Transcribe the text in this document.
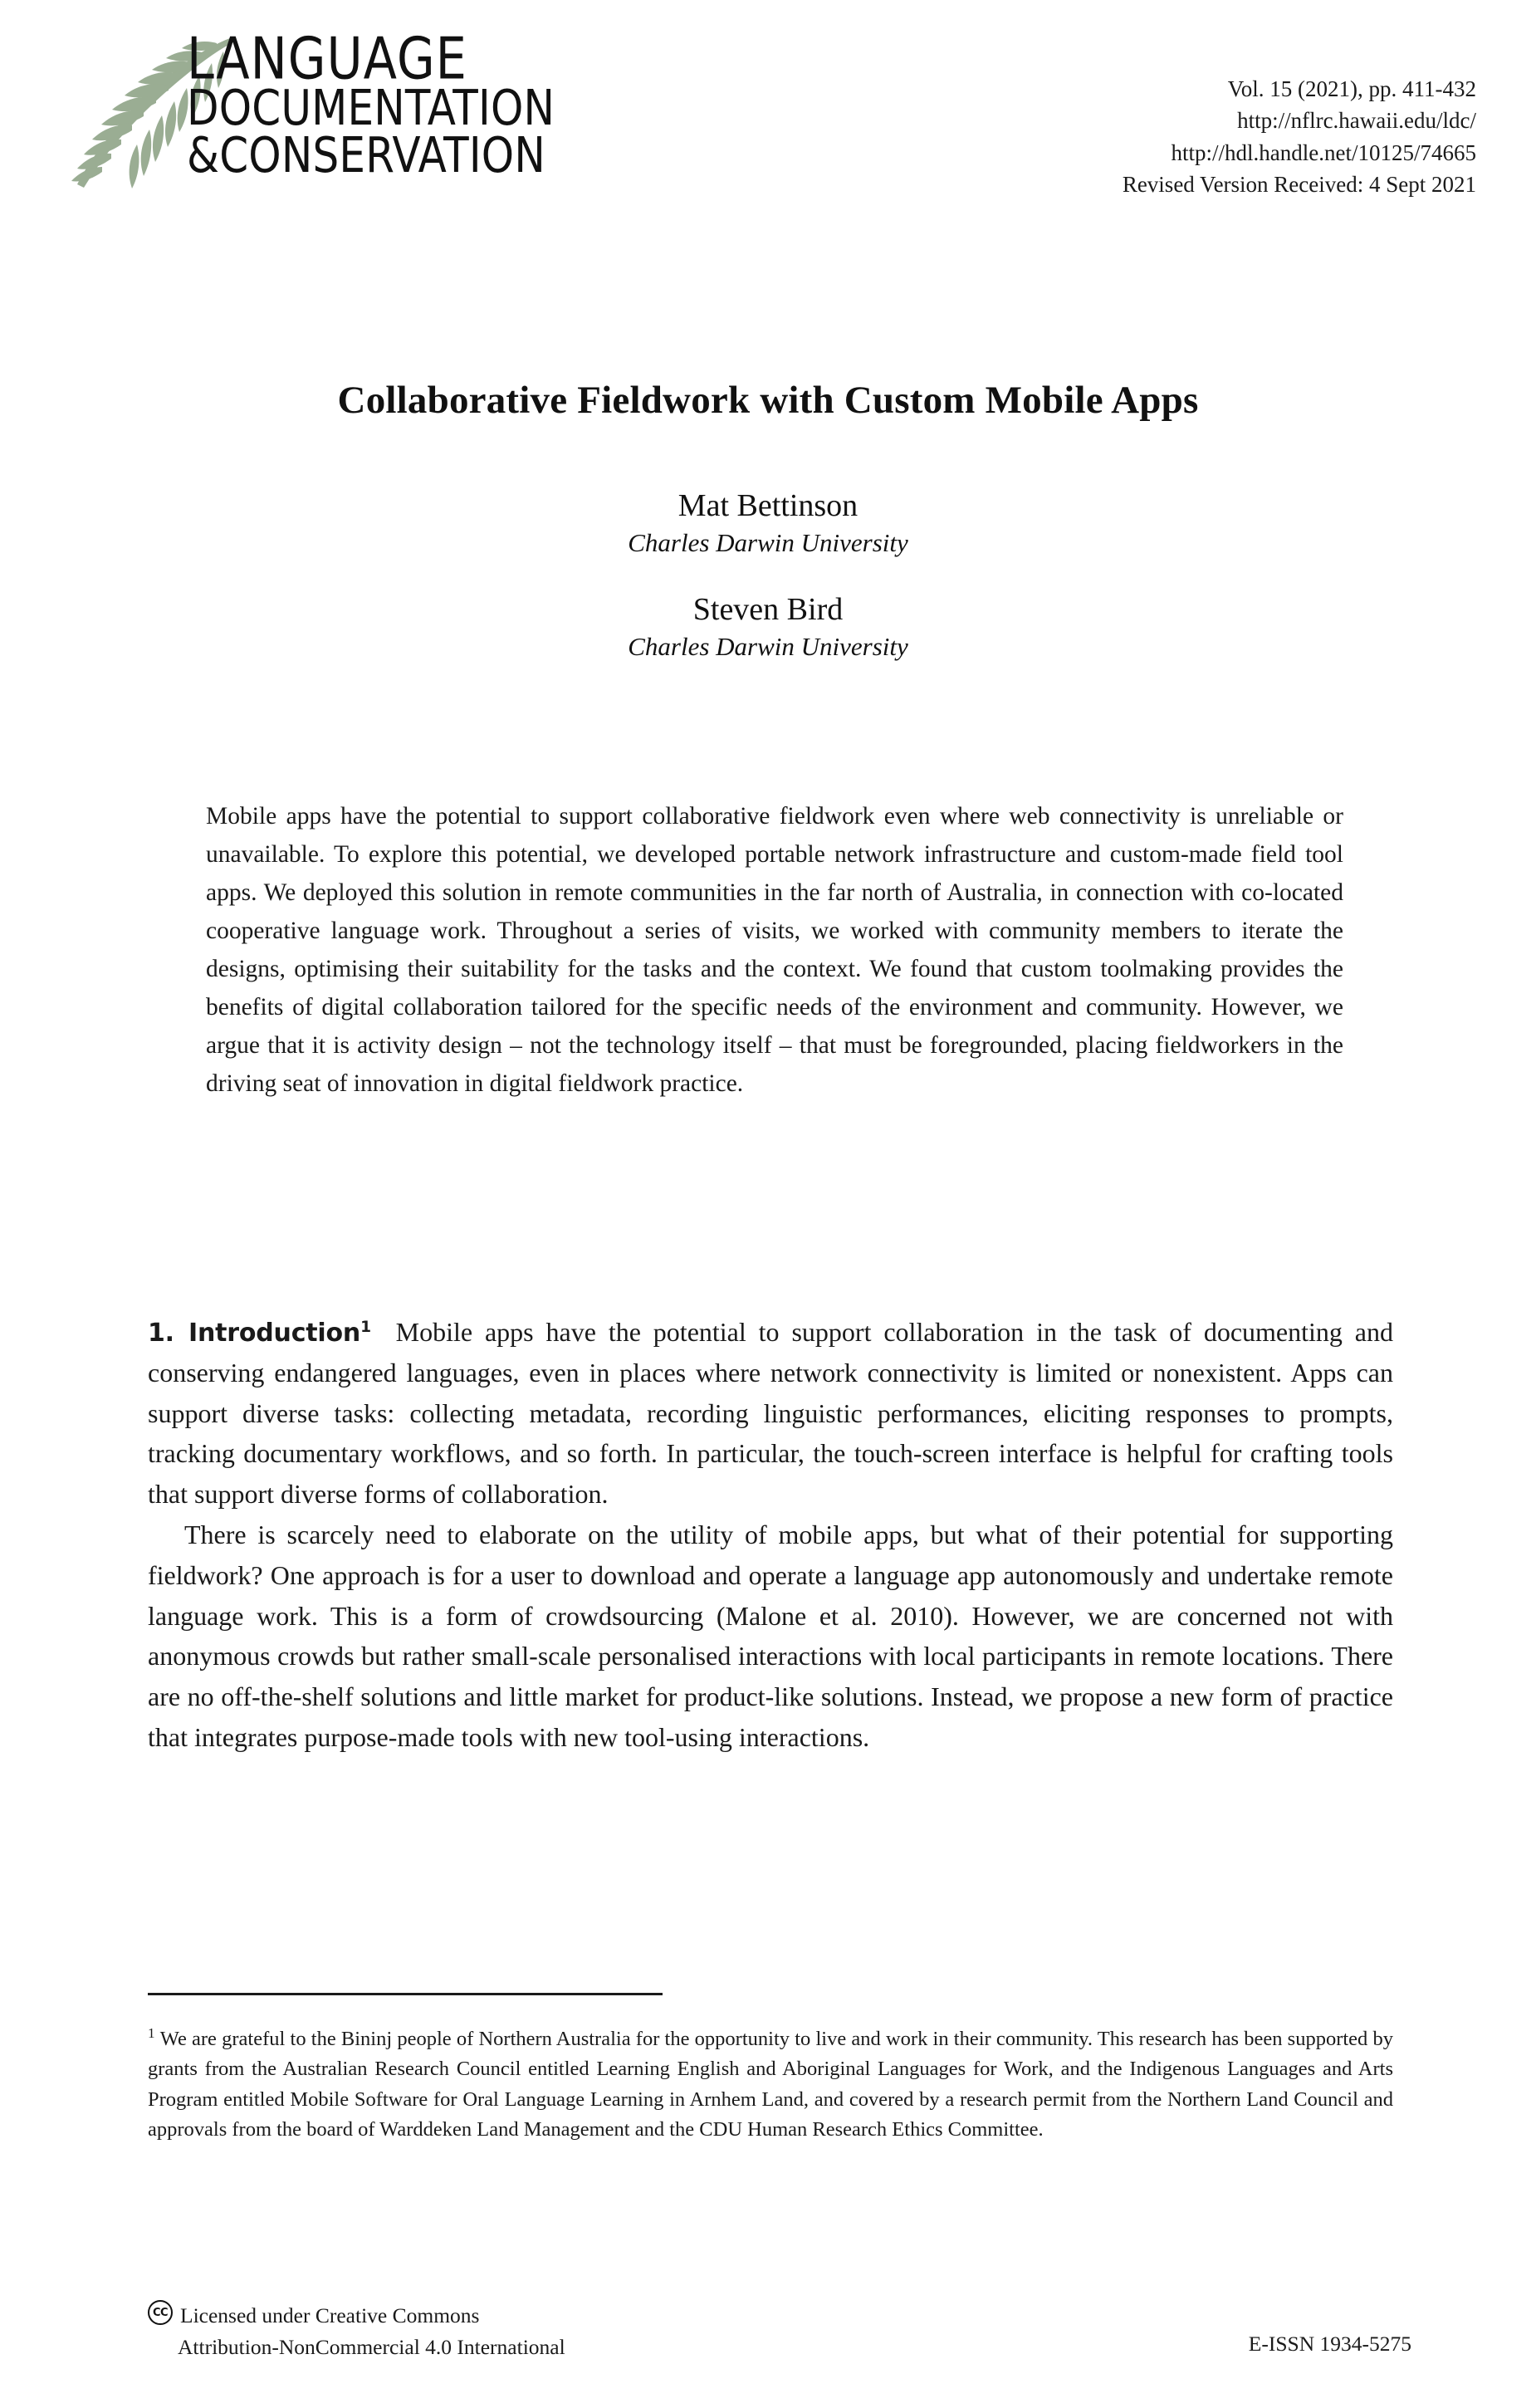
LANGUAGE
DOCUMENTATION
&CONSERVATION
Vol. 15 (2021), pp. 411-432
http://nflrc.hawaii.edu/ldc/
http://hdl.handle.net/10125/74665
Revised Version Received: 4 Sept 2021
Collaborative Fieldwork with Custom Mobile Apps
Mat Bettinson
Charles Darwin University
Steven Bird
Charles Darwin University
Mobile apps have the potential to support collaborative fieldwork even where web connectivity is unreliable or unavailable. To explore this potential, we developed portable network infrastructure and custom-made field tool apps. We deployed this solution in remote communities in the far north of Australia, in connection with co-located cooperative language work. Throughout a series of visits, we worked with community members to iterate the designs, optimising their suitability for the tasks and the context. We found that custom toolmaking provides the benefits of digital collaboration tailored for the specific needs of the environment and community. However, we argue that it is activity design – not the technology itself – that must be foregrounded, placing fieldworkers in the driving seat of innovation in digital fieldwork practice.

1. Introduction$^1$ Mobile apps have the potential to support collaboration in the task of documenting and conserving endangered languages, even in places where network connectivity is limited or nonexistent. Apps can support diverse tasks: collecting metadata, recording linguistic performances, eliciting responses to prompts, tracking documentary workflows, and so forth. In particular, the touch-screen interface is helpful for crafting tools that support diverse forms of collaboration.

There is scarcely need to elaborate on the utility of mobile apps, but what of their potential for supporting fieldwork? One approach is for a user to download and operate a language app autonomously and undertake remote language work. This is a form of crowdsourcing (Malone et al. 2010). However, we are concerned not with anonymous crowds but rather small-scale personalised interactions with local participants in remote locations. There are no off-the-shelf solutions and little market for product-like solutions. Instead, we propose a new form of practice that integrates purpose-made tools with new tool-using interactions.

$^1$ We are grateful to the Bininj people of Northern Australia for the opportunity to live and work in their community. This research has been supported by grants from the Australian Research Council entitled Learning English and Aboriginal Languages for Work, and the Indigenous Languages and Arts Program entitled Mobile Software for Oral Language Learning in Arnhem Land, and covered by a research permit from the Northern Land Council and approvals from the board of Warddeken Land Management and the CDU Human Research Ethics Committee.
CC Licensed under Creative Commons
Attribution-NonCommercial 4.0 International	E-ISSN 1934-5275
